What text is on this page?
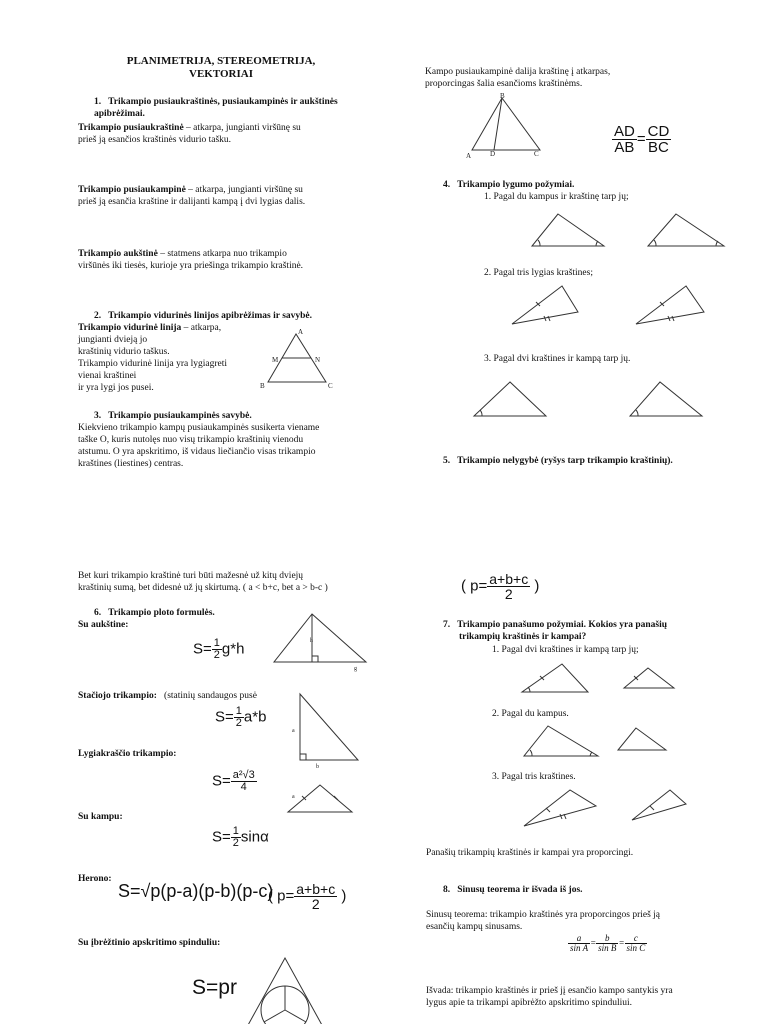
PLANIMETRIJA, STEREOMETRIJA,
VEKTORIAI
1. Trikampio pusiaukraštinės, pusiaukampinės ir aukštinės apibrėžimai.
Trikampio pusiaukraštinė – atkarpa, jungianti viršūnę su
prieš ją esančios kraštinės vidurio tašku.
Trikampio pusiaukampinė – atkarpa, jungianti viršūnę su
prieš ją esančia kraštine ir dalijanti kampą į dvi lygias dalis.
Trikampio aukštinė – statmens atkarpa nuo trikampio
viršūnės iki tiesės, kurioje yra priešinga trikampio kraštinė.
2. Trikampio vidurinės linijos apibrėžimas ir savybė.
Trikampio vidurinė linija – atkarpa,
jungianti dvieją jo
kraštinių vidurio taškus.
Trikampio vidurinė linija yra lygiagreti
vienai kraštinei
ir yra lygi jos pusei.
A
B	C
M	N
3. Trikampio pusiaukampinės savybė.
Kiekvieno trikampio kampų pusiaukampinės susikerta viename
taške O, kuris nutolęs nuo visų trikampio kraštinių vienodu
atstumu. O yra apskritimo, iš vidaus liečiančio visas trikampio
kraštines (liestines) centras.
Bet kuri trikampio kraštinė turi būti mažesnė už kitų dviejų
kraštinių sumą, bet didesnė už jų skirtumą. ( a < b+c, bet a > b-c )
6. Trikampio ploto formulės.
Su aukštine:
$S= \frac{1}{2} g*h$	h
g
Stačiojo trikampio: (statinių sandaugos pusė
$S= \frac{1}{2} a*b$
a
b
Lygiakraščio trikampio:
$S= \frac{\text{a²√3}}{4}$
a
Su kampu:
$S= \frac{1}{2}$ sinα
Herono:
S=√p(p-a)(p-b)(p-c)
( $p= \frac{a+b+c}{2}$ )
Su įbrėžtinio apskritimo spinduliu:
S=pr
Kampo pusiaukampinė dalija kraštinę į atkarpas,
proporcingas šalia esančioms kraštinėms.
B
A	D	C	$\frac{AD}{AB} = \frac{CD}{BC}$
4. Trikampio lygumo požymiai.
1. Pagal du kampus ir kraštinę tarp jų;
2. Pagal tris lygias kraštines;
3. Pagal dvi kraštines ir kampą tarp jų.
5. Trikampio nelygybė (ryšys tarp trikampio kraštinių).
( $p= \frac{a+b+c}{2}$ )
7. Trikampio panašumo požymiai. Kokios yra panašių
trikampių kraštinės ir kampai?
1. Pagal dvi kraštines ir kampą tarp jų;
2. Pagal du kampus.
3. Pagal tris kraštines.
Panašių trikampių kraštinės ir kampai yra proporcingi.
8. Sinusų teorema ir išvada iš jos.
Sinusų teorema: trikampio kraštinės yra proporcingos prieš ją
esančių kampų sinusams.
$\frac{a}{\text{sin A}} = \frac{b}{\text{sin B}} = \frac{c}{\text{sin C}}$
Išvada: trikampio kraštinės ir prieš jį esančio kampo santykis yra
lygus apie ta trikampi apibrėžto apskritimo spinduliui.
